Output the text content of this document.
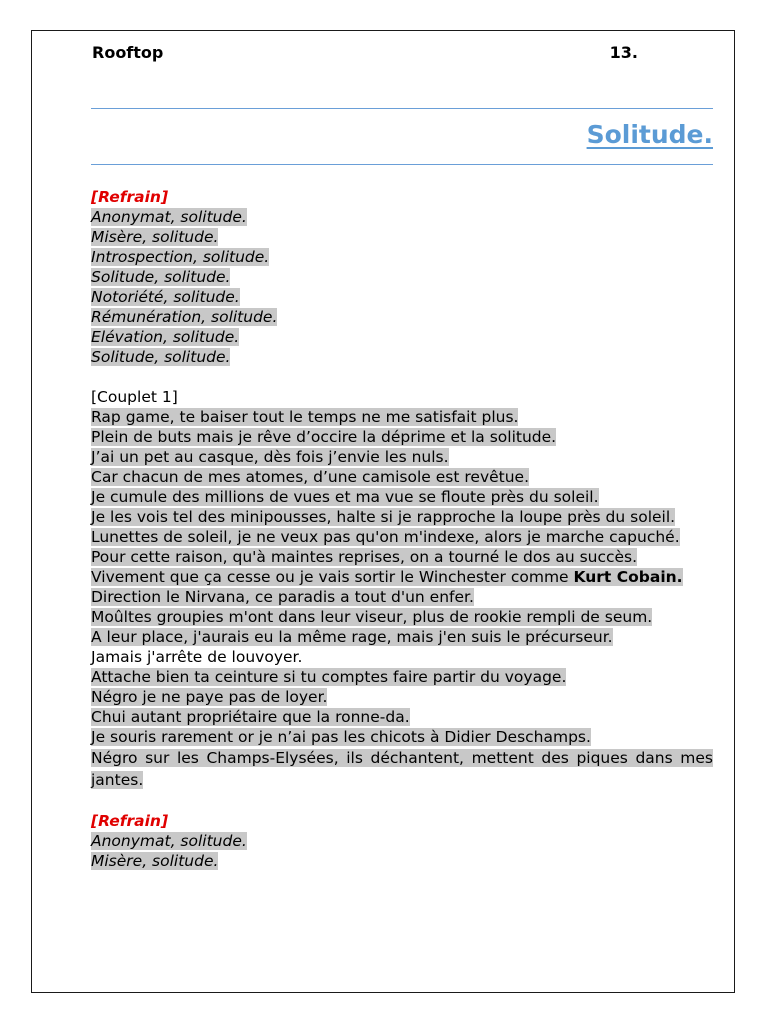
Rooftop	13.
Solitude.
[Refrain]
Anonymat, solitude.
Misère, solitude.
Introspection, solitude.
Solitude, solitude.
Notoriété, solitude.
Rémunération, solitude.
Elévation, solitude.
Solitude, solitude.
[Couplet 1]
Rap game, te baiser tout le temps ne me satisfait plus.
Plein de buts mais je rêve d’occire la déprime et la solitude.
J’ai un pet au casque, dès fois j’envie les nuls.
Car chacun de mes atomes, d’une camisole est revêtue.
Je cumule des millions de vues et ma vue se floute près du soleil.
Je les vois tel des minipousses, halte si je rapproche la loupe près du soleil.
Lunettes de soleil, je ne veux pas qu'on m'indexe, alors je marche capuché.
Pour cette raison, qu'à maintes reprises, on a tourné le dos au succès.
Vivement que ça cesse ou je vais sortir le Winchester comme Kurt Cobain.
Direction le Nirvana, ce paradis a tout d'un enfer.
Moûltes groupies m'ont dans leur viseur, plus de rookie rempli de seum.
A leur place, j'aurais eu la même rage, mais j'en suis le précurseur.
Jamais j'arrête de louvoyer.
Attache bien ta ceinture si tu comptes faire partir du voyage.
Négro je ne paye pas de loyer.
Chui autant propriétaire que la ronne-da.
Je souris rarement or je n’ai pas les chicots à Didier Deschamps.
Négro sur les Champs-Elysées, ils déchantent, mettent des piques dans mes jantes.
[Refrain]
Anonymat, solitude.
Misère, solitude.
